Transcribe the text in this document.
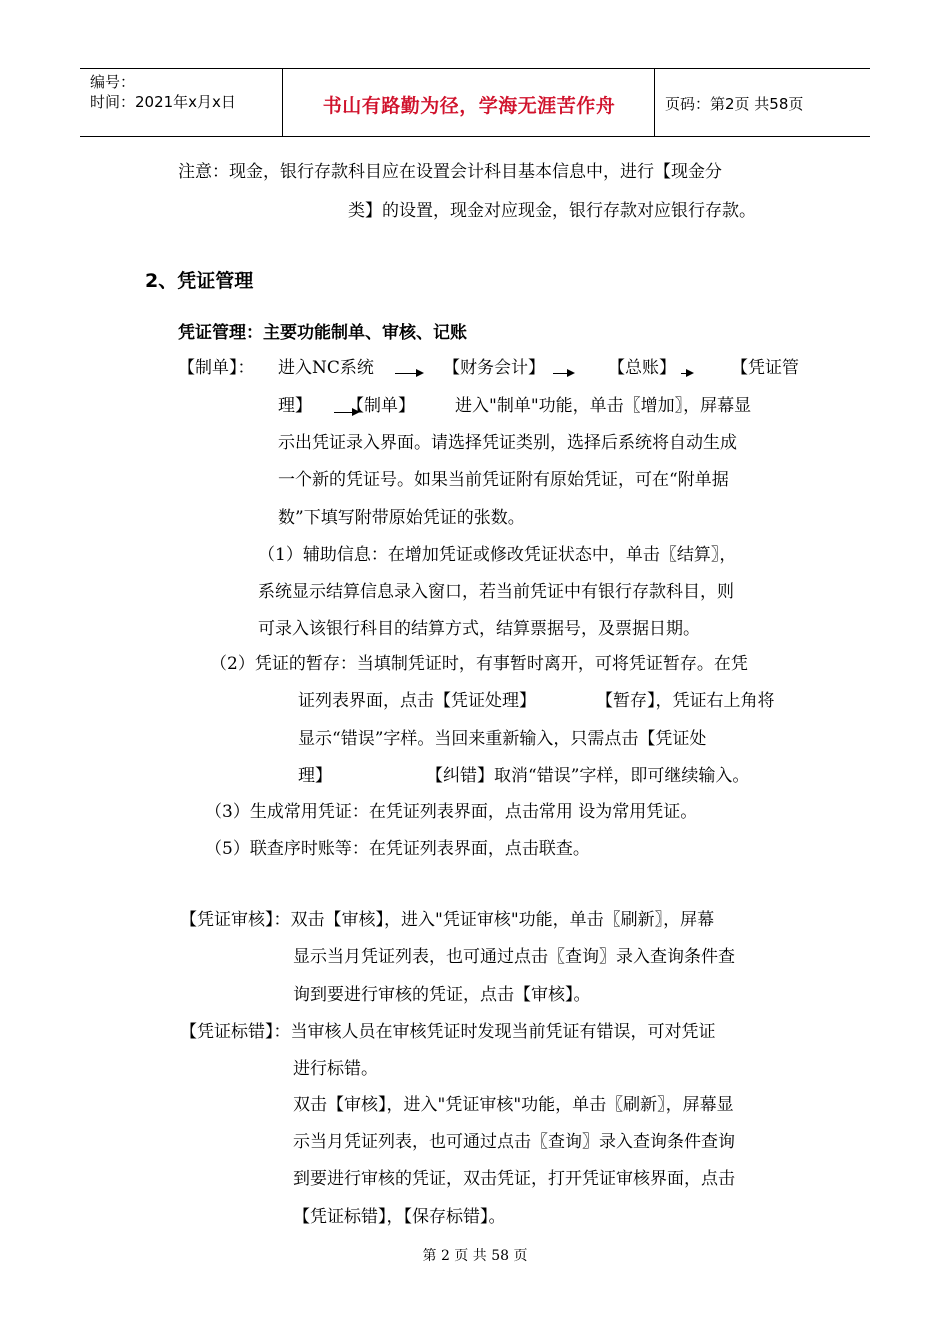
编号：
时间：2021年x月x日	书山有路勤为径，学海无涯苦作舟	页码：第2页 共58页
注意：现金，银行存款科目应在设置会计科目基本信息中，进行【现金分
类】的设置，现金对应现金，银行存款对应银行存款。
2、凭证管理
凭证管理：主要功能制单、审核、记账
【制单】： 进入NC系统	【财务会计】	【总账】	【凭证管
理】 【制单】 进入"制单"功能，单击〖增加〗，屏幕显
示出凭证录入界面。请选择凭证类别，选择后系统将自动生成
一个新的凭证号。如果当前凭证附有原始凭证，可在“附单据
数”下填写附带原始凭证的张数。
（1）辅助信息：在增加凭证或修改凭证状态中，单击〖结算〗，
系统显示结算信息录入窗口，若当前凭证中有银行存款科目，则
可录入该银行科目的结算方式，结算票据号，及票据日期。
（2）凭证的暂存：当填制凭证时，有事暂时离开，可将凭证暂存。在凭
证列表界面，点击【凭证处理】	【暂存】，凭证右上角将
显示“错误”字样。当回来重新输入，只需点击【凭证处
理】	【纠错】取消“错误”字样，即可继续输入。
（3）生成常用凭证：在凭证列表界面，点击常用 设为常用凭证。
（5）联查序时账等：在凭证列表界面，点击联查。
【凭证审核】：双击【审核】，进入"凭证审核"功能，单击〖刷新〗，屏幕
显示当月凭证列表，也可通过点击〖查询〗录入查询条件查
询到要进行审核的凭证，点击【审核】。
【凭证标错】：当审核人员在审核凭证时发现当前凭证有错误，可对凭证
进行标错。
双击【审核】，进入"凭证审核"功能，单击〖刷新〗，屏幕显
示当月凭证列表，也可通过点击〖查询〗录入查询条件查询
到要进行审核的凭证，双击凭证，打开凭证审核界面，点击
【凭证标错】，【保存标错】。
第 2 页 共 58 页
